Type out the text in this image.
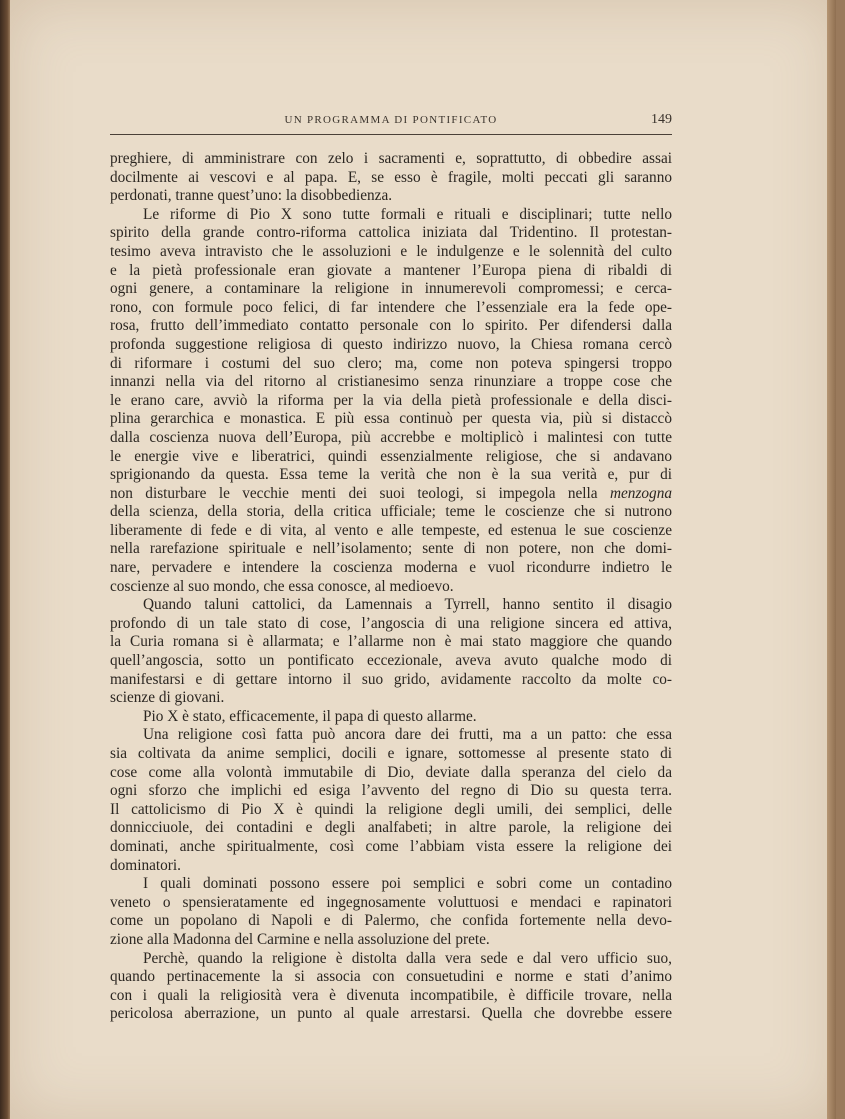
UN PROGRAMMA DI PONTIFICATO	149
preghiere, di amministrare con zelo i sacramenti e, soprattutto, di obbedire assai
docilmente ai vescovi e al papa. E, se esso è fragile, molti peccati gli saranno
perdonati, tranne quest’uno: la disobbedienza.
Le riforme di Pio X sono tutte formali e rituali e disciplinari; tutte nello
spirito della grande contro-riforma cattolica iniziata dal Tridentino. Il protestan-
tesimo aveva intravisto che le assoluzioni e le indulgenze e le solennità del culto
e la pietà professionale eran giovate a mantener l’Europa piena di ribaldi di
ogni genere, a contaminare la religione in innumerevoli compromessi; e cerca-
rono, con formule poco felici, di far intendere che l’essenziale era la fede ope-
rosa, frutto dell’immediato contatto personale con lo spirito. Per difendersi dalla
profonda suggestione religiosa di questo indirizzo nuovo, la Chiesa romana cercò
di riformare i costumi del suo clero; ma, come non poteva spingersi troppo
innanzi nella via del ritorno al cristianesimo senza rinunziare a troppe cose che
le erano care, avviò la riforma per la via della pietà professionale e della disci-
plina gerarchica e monastica. E più essa continuò per questa via, più si distaccò
dalla coscienza nuova dell’Europa, più accrebbe e moltiplicò i malintesi con tutte
le energie vive e liberatrici, quindi essenzialmente religiose, che si andavano
sprigionando da questa. Essa teme la verità che non è la sua verità e, pur di
non disturbare le vecchie menti dei suoi teologi, si impegola nella menzogna
della scienza, della storia, della critica ufficiale; teme le coscienze che si nutrono
liberamente di fede e di vita, al vento e alle tempeste, ed estenua le sue coscienze
nella rarefazione spirituale e nell’isolamento; sente di non potere, non che domi-
nare, pervadere e intendere la coscienza moderna e vuol ricondurre indietro le
coscienze al suo mondo, che essa conosce, al medioevo.
Quando taluni cattolici, da Lamennais a Tyrrell, hanno sentito il disagio
profondo di un tale stato di cose, l’angoscia di una religione sincera ed attiva,
la Curia romana si è allarmata; e l’allarme non è mai stato maggiore che quando
quell’angoscia, sotto un pontificato eccezionale, aveva avuto qualche modo di
manifestarsi e di gettare intorno il suo grido, avidamente raccolto da molte co-
scienze di giovani.
Pio X è stato, efficacemente, il papa di questo allarme.
Una religione così fatta può ancora dare dei frutti, ma a un patto: che essa
sia coltivata da anime semplici, docili e ignare, sottomesse al presente stato di
cose come alla volontà immutabile di Dio, deviate dalla speranza del cielo da
ogni sforzo che implichi ed esiga l’avvento del regno di Dio su questa terra.
Il cattolicismo di Pio X è quindi la religione degli umili, dei semplici, delle
donnicciuole, dei contadini e degli analfabeti; in altre parole, la religione dei
dominati, anche spiritualmente, così come l’abbiam vista essere la religione dei
dominatori.
I quali dominati possono essere poi semplici e sobri come un contadino
veneto o spensieratamente ed ingegnosamente voluttuosi e mendaci e rapinatori
come un popolano di Napoli e di Palermo, che confida fortemente nella devo-
zione alla Madonna del Carmine e nella assoluzione del prete.
Perchè, quando la religione è distolta dalla vera sede e dal vero ufficio suo,
quando pertinacemente la si associa con consuetudini e norme e stati d’animo
con i quali la religiosità vera è divenuta incompatibile, è difficile trovare, nella
pericolosa aberrazione, un punto al quale arrestarsi. Quella che dovrebbe essere
